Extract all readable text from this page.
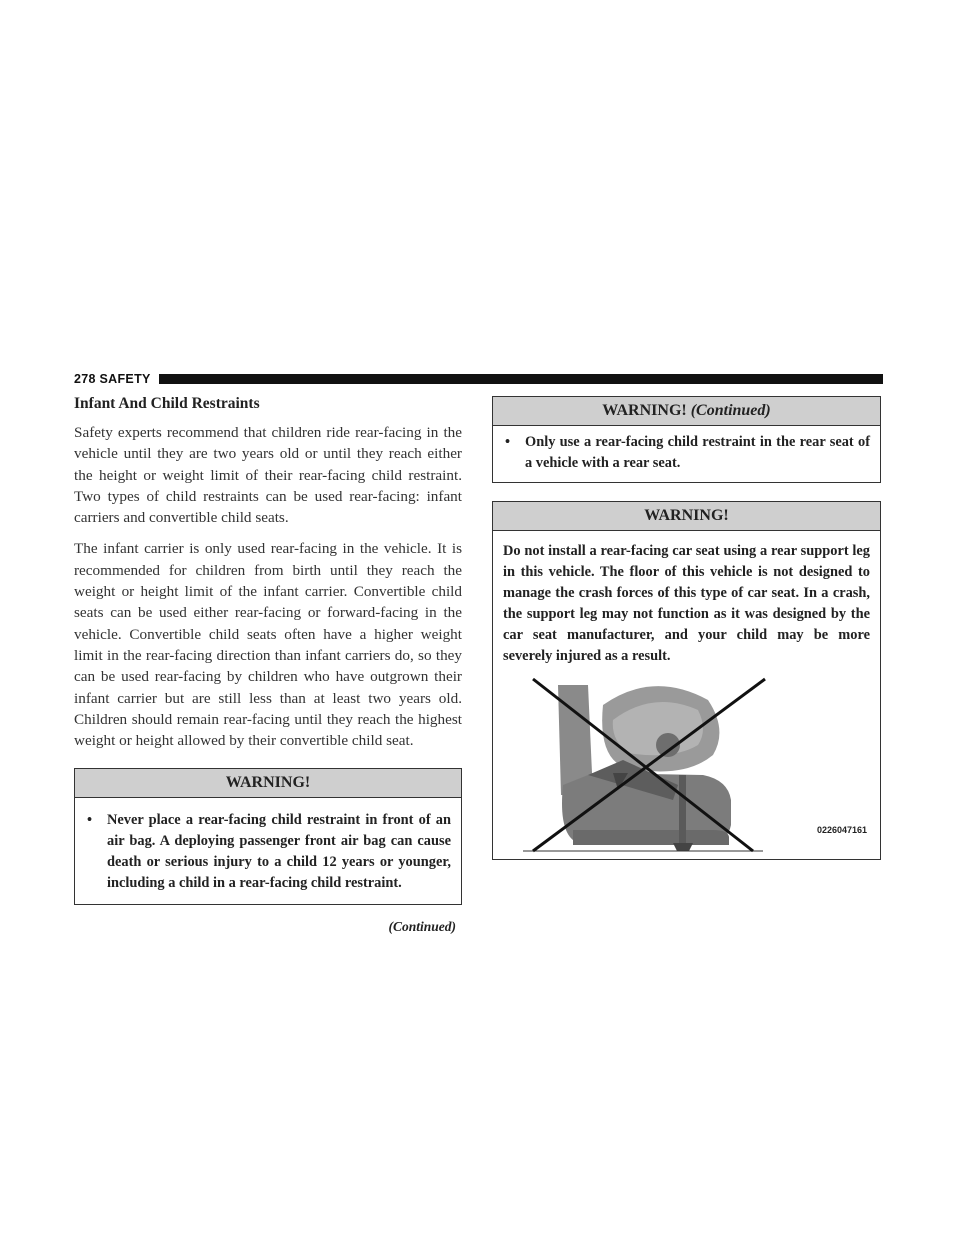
278 SAFETY
Infant And Child Restraints

Safety experts recommend that children ride rear-facing in the vehicle until they are two years old or until they reach either the height or weight limit of their rear-facing child restraint. Two types of child restraints can be used rear-facing: infant carriers and convertible child seats.

The infant carrier is only used rear-facing in the vehicle. It is recommended for children from birth until they reach the weight or height limit of the infant carrier. Convertible child seats can be used either rear-facing or forward-facing in the vehicle. Convertible child seats often have a higher weight limit in the rear-facing direction than infant carriers do, so they can be used rear-facing by children who have outgrown their infant carrier but are still less than at least two years old. Children should remain rear-facing until they reach the highest weight or height allowed by their convertible child seat.

WARNING!
•	Never place a rear-facing child restraint in front of an air bag. A deploying passenger front air bag can cause death or serious injury to a child 12 years or younger, including a child in a rear-facing child restraint.
(Continued)
WARNING! (Continued)
•	Only use a rear-facing child restraint in the rear seat of a vehicle with a rear seat.
WARNING!
Do not install a rear-facing car seat using a rear support leg in this vehicle. The floor of this vehicle is not designed to manage the crash forces of this type of car seat. In a crash, the support leg may not function as it was designed by the car seat manufacturer, and your child may be more severely injured as a result.
0226047161
